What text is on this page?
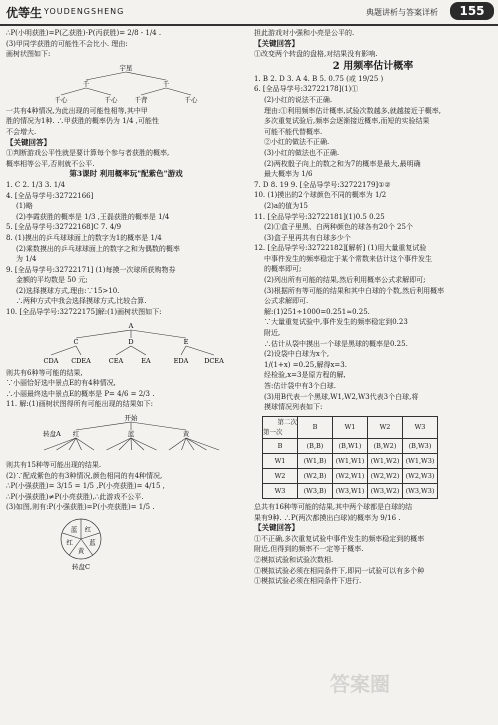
优等生 YOUDENGSHENG	典题讲析与答案详析	155

∴P(小明获胜)=P(乙获胜)-P(丙获胜)= 2/8 - 1/4 .

(3)甲同学获胜的可能性不会比小. 理由:

画树状图如下:

宇星
千	千
千心	千心	千背	千心

一共有4种情况,为此出现的可能性相等,其中甲

胜的情况为1种. ∴甲获胜的概率仍为 1/4 ,可能性

不会增大.

【关键回答】

①判断游戏公平性就是要计算每个参与者获胜的概率,

概率相等公平,否则就不公平.

第3课时 利用概率玩"配紫色"游戏

1. C 2. 1/3 3. 1/4

4. [全品导学号:32722166]

(1)略

(2)李霞获胜的概率是 1/3 ,王磊获胜的概率是 1/4

5. [全品导学号:32722168]C 7. 4/9

8. (1)摸出的乒乓球球面上的数字为1的概率是 1/4

(2)乘数摸出的乒乓球球面上的数字之和为偶数的概率

为 1/4

9. [全品导学号:32722171] (1)每摸一次球所获购物券

金额的平均数是 50 元;

(2)选择摸球方式,理由:∵15>10.

∴两种方式中我会选择摸球方式,比较合算.

10. [全品导学号:32722175]解:(1)画树状图如下:

A
C	D	E
CDA CDEA	CEA	EA	EDA DCEA

则共有6种等可能的结果,

∵小丽恰好选中景点E的有4种情况,

∴小丽最终选中景点E的概率是 P= 4/6 = 2/3 .

11. 解:(1)画树状图得所有可能出现的结果如下:

开始
红	蓝	黄
转盘A

则共有15种等可能出现的结果.

(2)∵配成紫色的有3种情况,颜色相同的有4种情况,

∴P(小强获胜)= 3/15 = 1/5 ,P(小亮获胜)= 4/15 ,

∴P(小强获胜)≠P(小亮获胜),∴此游戏不公平.

(3)如图,则有:P(小强获胜)=P(小亮获胜)= 1/5 .

红
蓝
黄
红
蓝
转盘C

担此游戏对小强和小亮是公平的.

【关键回答】

①改变两个转盘的盘格,对结果没有影响.

2 用频率估计概率

1. B 2. D 3. A 4. B 5. 0.75 (或 19/25 )

6. [全品导学号:32722178](1)①

(2)小红的说法不正确.

理由:①利用频率估计概率,试验次数越多,就越接近于概率,

多次重复试验后,频率会逐渐接近概率,而短的实验结果

可能不能代替概率.

②小红的做法不正确.

(3)小红的做法也不正确.

(2)两枚骰子向上的数之和为7的概率是最大,最明确

最大概率为 1/6

7. D 8. 19 9. [全品导学号:32722179]①②

10. (1)摸出的2个球颜色不同的概率为 1/2

(2)a的值为15

11. [全品导学号:32722181](1)0.5 0.25

(2)①盒子里黑、白两种颜色的球各有20个 25个

(3)盒子里再共有白球多少个

12. [全品导学号:32722182][解析] (1)用大量重复试验

中事件发生的频率稳定于某个常数来估计这个事件发生

的概率即可;

(2)列出所有可能的结果,然后利用概率公式求解即可;

(3)根据所有等可能的结果和其中白球的个数,然后利用概率

公式求解即可.

解:(1)251÷1000=0.251≈0.25.

∵大量重复试验中,事件发生的频率稳定到0.23

附近,

∴估计从袋中摸出一个球是黑球的概率是0.25.

(2)设袋中白球为x个,

1/(1+x) =0.25,解得x=3.

经检验,x=3是原方程的解,

答:估计袋中有3个白球.

(3)用B代表一个黑球,W1,W2,W3代表3个白球,将

摸球情况列表如下:

第二次
第一次	B	W1	W2	W3
B	(B,B)	(B,W1)	(B,W2)	(B,W3)
W1	(W1,B)	(W1,W1)	(W1,W2)	(W1,W3)
W2	(W2,B)	(W2,W1)	(W2,W2)	(W2,W3)
W3	(W3,B)	(W3,W1)	(W3,W2)	(W3,W3)

总共有16种等可能的结果,其中两个球都是白球的结

果有9种. ∴P(两次都摸出白球)的概率为 9/16 .

【关键回答】

①不正确,多次重复试验中事件发生的频率稳定到的概率

附近,但得到的频率不一定等于概率.

②模拟试验和试验次数相.

①模拟试验必须在相同条件下,即同一试验可以有多个种

①模拟试验必须在相同条件下进行.

答案圈
